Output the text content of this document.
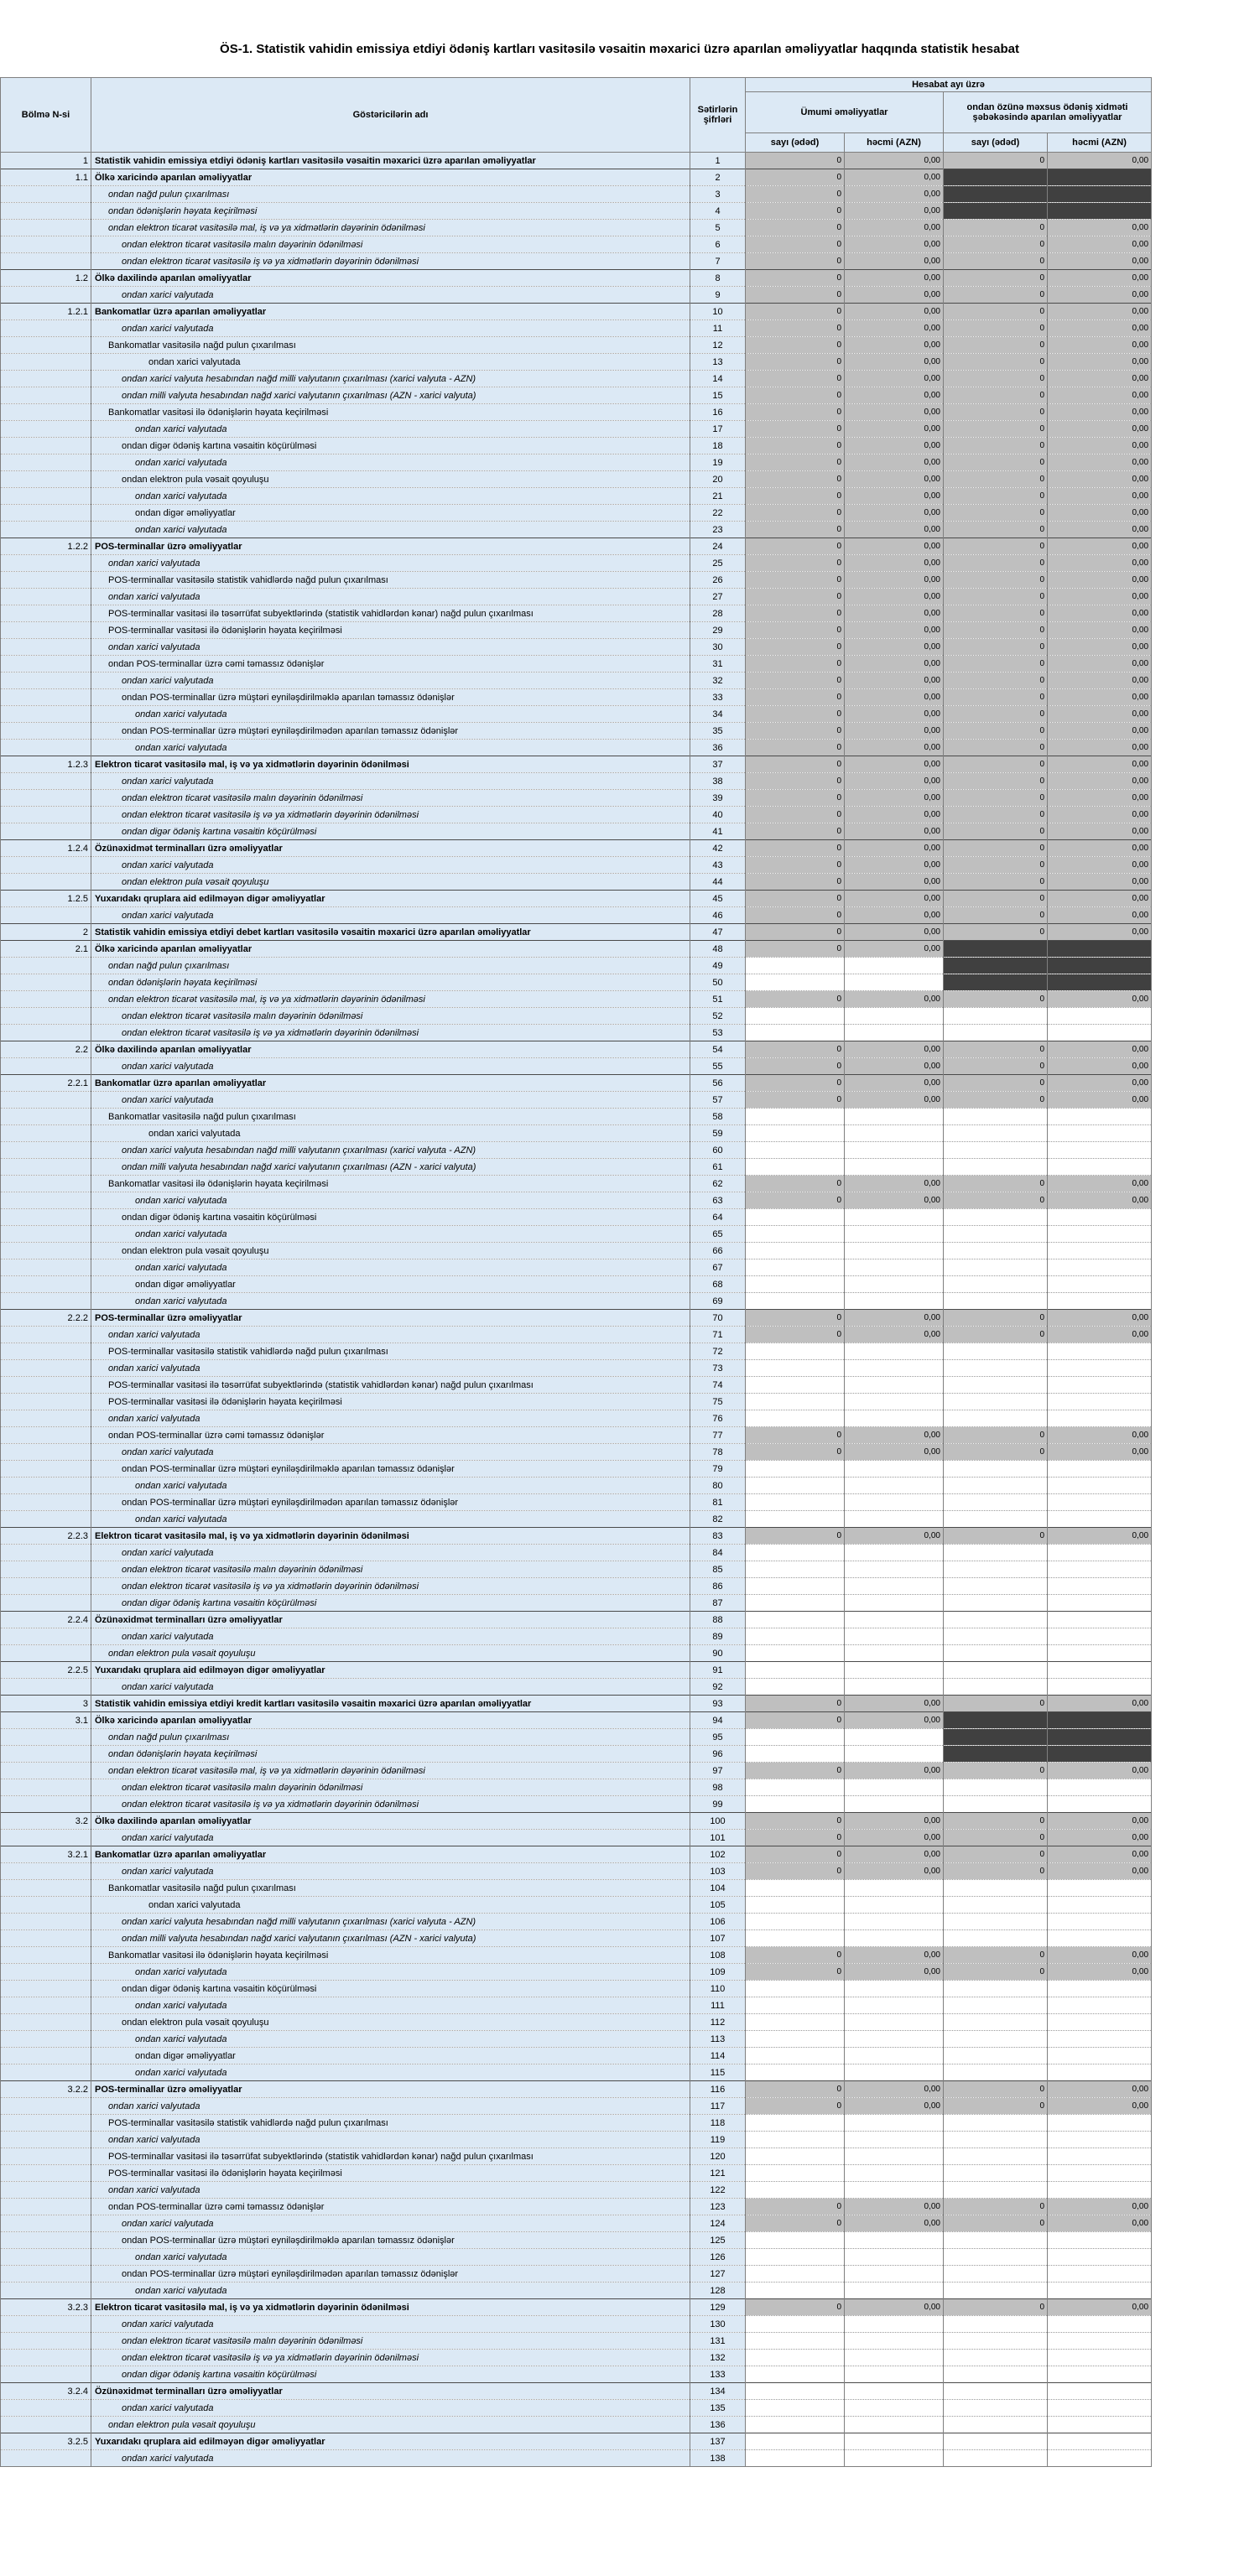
ÖS-1. Statistik vahidin emissiya etdiyi ödəniş kartları vasitəsilə vəsaitin məxarici üzrə aparılan əməliyyatlar haqqında statistik hesabat
Bölmə N-si	Göstəricilərin adı	Sətirlərin şifrləri	Hesabat ayı üzrə			
			Ümumi əməliyyatlar		ondan özünə məxsus ödəniş xidməti şəbəkəsində aparılan əməliyyatlar	
			sayı (ədəd)	həcmi (AZN)	sayı (ədəd)	həcmi (AZN)
1	Statistik vahidin emissiya etdiyi ödəniş kartları vasitəsilə vəsaitin məxarici üzrə aparılan əməliyyatlar	1	0	0,00	0	0,00
1.1	Ölkə xaricində aparılan əməliyyatlar	2	0	0,00		
	ondan nağd pulun çıxarılması	3	0	0,00		
	ondan ödənişlərin həyata keçirilməsi	4	0	0,00		
	ondan elektron ticarət vasitəsilə mal, iş və ya xidmətlərin dəyərinin ödənilməsi	5	0	0,00	0	0,00
	ondan elektron ticarət vasitəsilə malın dəyərinin ödənilməsi	6	0	0,00	0	0,00
	ondan elektron ticarət vasitəsilə iş və ya xidmətlərin dəyərinin ödənilməsi	7	0	0,00	0	0,00
1.2	Ölkə daxilində aparılan əməliyyatlar	8	0	0,00	0	0,00
	ondan xarici valyutada	9	0	0,00	0	0,00
1.2.1	Bankomatlar üzrə aparılan əməliyyatlar	10	0	0,00	0	0,00
	ondan xarici valyutada	11	0	0,00	0	0,00
	Bankomatlar vasitəsilə nağd pulun çıxarılması	12	0	0,00	0	0,00
	ondan xarici valyutada	13	0	0,00	0	0,00
	ondan xarici valyuta hesabından nağd milli valyutanın çıxarılması (xarici valyuta - AZN)	14	0	0,00	0	0,00
	ondan milli valyuta hesabından nağd xarici valyutanın çıxarılması (AZN - xarici valyuta)	15	0	0,00	0	0,00
	Bankomatlar vasitəsi ilə ödənişlərin həyata keçirilməsi	16	0	0,00	0	0,00
	ondan xarici valyutada	17	0	0,00	0	0,00
	ondan digər ödəniş kartına vəsaitin köçürülməsi	18	0	0,00	0	0,00
	ondan xarici valyutada	19	0	0,00	0	0,00
	ondan elektron pula vəsait qoyuluşu	20	0	0,00	0	0,00
	ondan xarici valyutada	21	0	0,00	0	0,00
	ondan digər əməliyyatlar	22	0	0,00	0	0,00
	ondan xarici valyutada	23	0	0,00	0	0,00
1.2.2	POS-terminallar üzrə əməliyyatlar	24	0	0,00	0	0,00
	ondan xarici valyutada	25	0	0,00	0	0,00
	POS-terminallar vasitəsilə statistik vahidlərdə nağd pulun çıxarılması	26	0	0,00	0	0,00
	ondan xarici valyutada	27	0	0,00	0	0,00
	POS-terminallar vasitəsi ilə təsərrüfat subyektlərində (statistik vahidlərdən kənar) nağd pulun çıxarılması	28	0	0,00	0	0,00
	POS-terminallar vasitəsi ilə ödənişlərin həyata keçirilməsi	29	0	0,00	0	0,00
	ondan xarici valyutada	30	0	0,00	0	0,00
	ondan POS-terminallar üzrə cəmi təmassız ödənişlər	31	0	0,00	0	0,00
	ondan xarici valyutada	32	0	0,00	0	0,00
	ondan POS-terminallar üzrə müştəri eyniləşdirilməklə aparılan təmassız ödənişlər	33	0	0,00	0	0,00
	ondan xarici valyutada	34	0	0,00	0	0,00
	ondan POS-terminallar üzrə müştəri eyniləşdirilmədən aparılan təmassız ödənişlər	35	0	0,00	0	0,00
	ondan xarici valyutada	36	0	0,00	0	0,00
1.2.3	Elektron ticarət vasitəsilə mal, iş və ya xidmətlərin dəyərinin ödənilməsi	37	0	0,00	0	0,00
	ondan xarici valyutada	38	0	0,00	0	0,00
	ondan elektron ticarət vasitəsilə malın dəyərinin ödənilməsi	39	0	0,00	0	0,00
	ondan elektron ticarət vasitəsilə iş və ya xidmətlərin dəyərinin ödənilməsi	40	0	0,00	0	0,00
	ondan digər ödəniş kartına vəsaitin köçürülməsi	41	0	0,00	0	0,00
1.2.4	Özünəxidmət terminalları üzrə əməliyyatlar	42	0	0,00	0	0,00
	ondan xarici valyutada	43	0	0,00	0	0,00
	ondan elektron pula vəsait qoyuluşu	44	0	0,00	0	0,00
1.2.5	Yuxarıdakı qruplara aid edilməyən digər əməliyyatlar	45	0	0,00	0	0,00
	ondan xarici valyutada	46	0	0,00	0	0,00
2	Statistik vahidin emissiya etdiyi debet kartları vasitəsilə vəsaitin məxarici üzrə aparılan əməliyyatlar	47	0	0,00	0	0,00
2.1	Ölkə xaricində aparılan əməliyyatlar	48	0	0,00		
	ondan nağd pulun çıxarılması	49				
	ondan ödənişlərin həyata keçirilməsi	50				
	ondan elektron ticarət vasitəsilə mal, iş və ya xidmətlərin dəyərinin ödənilməsi	51	0	0,00	0	0,00
	ondan elektron ticarət vasitəsilə malın dəyərinin ödənilməsi	52				
	ondan elektron ticarət vasitəsilə iş və ya xidmətlərin dəyərinin ödənilməsi	53				
2.2	Ölkə daxilində aparılan əməliyyatlar	54	0	0,00	0	0,00
	ondan xarici valyutada	55	0	0,00	0	0,00
2.2.1	Bankomatlar üzrə aparılan əməliyyatlar	56	0	0,00	0	0,00
	ondan xarici valyutada	57	0	0,00	0	0,00
	Bankomatlar vasitəsilə nağd pulun çıxarılması	58				
	ondan xarici valyutada	59				
	ondan xarici valyuta hesabından nağd milli valyutanın çıxarılması (xarici valyuta - AZN)	60				
	ondan milli valyuta hesabından nağd xarici valyutanın çıxarılması (AZN - xarici valyuta)	61				
	Bankomatlar vasitəsi ilə ödənişlərin həyata keçirilməsi	62	0	0,00	0	0,00
	ondan xarici valyutada	63	0	0,00	0	0,00
	ondan digər ödəniş kartına vəsaitin köçürülməsi	64				
	ondan xarici valyutada	65				
	ondan elektron pula vəsait qoyuluşu	66				
	ondan xarici valyutada	67				
	ondan digər əməliyyatlar	68				
	ondan xarici valyutada	69				
2.2.2	POS-terminallar üzrə əməliyyatlar	70	0	0,00	0	0,00
	ondan xarici valyutada	71	0	0,00	0	0,00
	POS-terminallar vasitəsilə statistik vahidlərdə nağd pulun çıxarılması	72				
	ondan xarici valyutada	73				
	POS-terminallar vasitəsi ilə təsərrüfat subyektlərində (statistik vahidlərdən kənar) nağd pulun çıxarılması	74				
	POS-terminallar vasitəsi ilə ödənişlərin həyata keçirilməsi	75				
	ondan xarici valyutada	76				
	ondan POS-terminallar üzrə cəmi təmassız ödənişlər	77	0	0,00	0	0,00
	ondan xarici valyutada	78	0	0,00	0	0,00
	ondan POS-terminallar üzrə müştəri eyniləşdirilməklə aparılan təmassız ödənişlər	79				
	ondan xarici valyutada	80				
	ondan POS-terminallar üzrə müştəri eyniləşdirilmədən aparılan təmassız ödənişlər	81				
	ondan xarici valyutada	82				
2.2.3	Elektron ticarət vasitəsilə mal, iş və ya xidmətlərin dəyərinin ödənilməsi	83	0	0,00	0	0,00
	ondan xarici valyutada	84				
	ondan elektron ticarət vasitəsilə malın dəyərinin ödənilməsi	85				
	ondan elektron ticarət vasitəsilə iş və ya xidmətlərin dəyərinin ödənilməsi	86				
	ondan digər ödəniş kartına vəsaitin köçürülməsi	87				
2.2.4	Özünəxidmət terminalları üzrə əməliyyatlar	88				
	ondan xarici valyutada	89				
	ondan elektron pula vəsait qoyuluşu	90				
2.2.5	Yuxarıdakı qruplara aid edilməyən digər əməliyyatlar	91				
	ondan xarici valyutada	92				
3	Statistik vahidin emissiya etdiyi kredit kartları vasitəsilə vəsaitin məxarici üzrə aparılan əməliyyatlar	93	0	0,00	0	0,00
3.1	Ölkə xaricində aparılan əməliyyatlar	94	0	0,00		
	ondan nağd pulun çıxarılması	95				
	ondan ödənişlərin həyata keçirilməsi	96				
	ondan elektron ticarət vasitəsilə mal, iş və ya xidmətlərin dəyərinin ödənilməsi	97	0	0,00	0	0,00
	ondan elektron ticarət vasitəsilə malın dəyərinin ödənilməsi	98				
	ondan elektron ticarət vasitəsilə iş və ya xidmətlərin dəyərinin ödənilməsi	99				
3.2	Ölkə daxilində aparılan əməliyyatlar	100	0	0,00	0	0,00
	ondan xarici valyutada	101	0	0,00	0	0,00
3.2.1	Bankomatlar üzrə aparılan əməliyyatlar	102	0	0,00	0	0,00
	ondan xarici valyutada	103	0	0,00	0	0,00
	Bankomatlar vasitəsilə nağd pulun çıxarılması	104				
	ondan xarici valyutada	105				
	ondan xarici valyuta hesabından nağd milli valyutanın çıxarılması (xarici valyuta - AZN)	106				
	ondan milli valyuta hesabından nağd xarici valyutanın çıxarılması (AZN - xarici valyuta)	107				
	Bankomatlar vasitəsi ilə ödənişlərin həyata keçirilməsi	108	0	0,00	0	0,00
	ondan xarici valyutada	109	0	0,00	0	0,00
	ondan digər ödəniş kartına vəsaitin köçürülməsi	110				
	ondan xarici valyutada	111				
	ondan elektron pula vəsait qoyuluşu	112				
	ondan xarici valyutada	113				
	ondan digər əməliyyatlar	114				
	ondan xarici valyutada	115				
3.2.2	POS-terminallar üzrə əməliyyatlar	116	0	0,00	0	0,00
	ondan xarici valyutada	117	0	0,00	0	0,00
	POS-terminallar vasitəsilə statistik vahidlərdə nağd pulun çıxarılması	118				
	ondan xarici valyutada	119				
	POS-terminallar vasitəsi ilə təsərrüfat subyektlərində (statistik vahidlərdən kənar) nağd pulun çıxarılması	120				
	POS-terminallar vasitəsi ilə ödənişlərin həyata keçirilməsi	121				
	ondan xarici valyutada	122				
	ondan POS-terminallar üzrə cəmi təmassız ödənişlər	123	0	0,00	0	0,00
	ondan xarici valyutada	124	0	0,00	0	0,00
	ondan POS-terminallar üzrə müştəri eyniləşdirilməklə aparılan təmassız ödənişlər	125				
	ondan xarici valyutada	126				
	ondan POS-terminallar üzrə müştəri eyniləşdirilmədən aparılan təmassız ödənişlər	127				
	ondan xarici valyutada	128				
3.2.3	Elektron ticarət vasitəsilə mal, iş və ya xidmətlərin dəyərinin ödənilməsi	129	0	0,00	0	0,00
	ondan xarici valyutada	130				
	ondan elektron ticarət vasitəsilə malın dəyərinin ödənilməsi	131				
	ondan elektron ticarət vasitəsilə iş və ya xidmətlərin dəyərinin ödənilməsi	132				
	ondan digər ödəniş kartına vəsaitin köçürülməsi	133				
3.2.4	Özünəxidmət terminalları üzrə əməliyyatlar	134				
	ondan xarici valyutada	135				
	ondan elektron pula vəsait qoyuluşu	136				
3.2.5	Yuxarıdakı qruplara aid edilməyən digər əməliyyatlar	137				
	ondan xarici valyutada	138				
